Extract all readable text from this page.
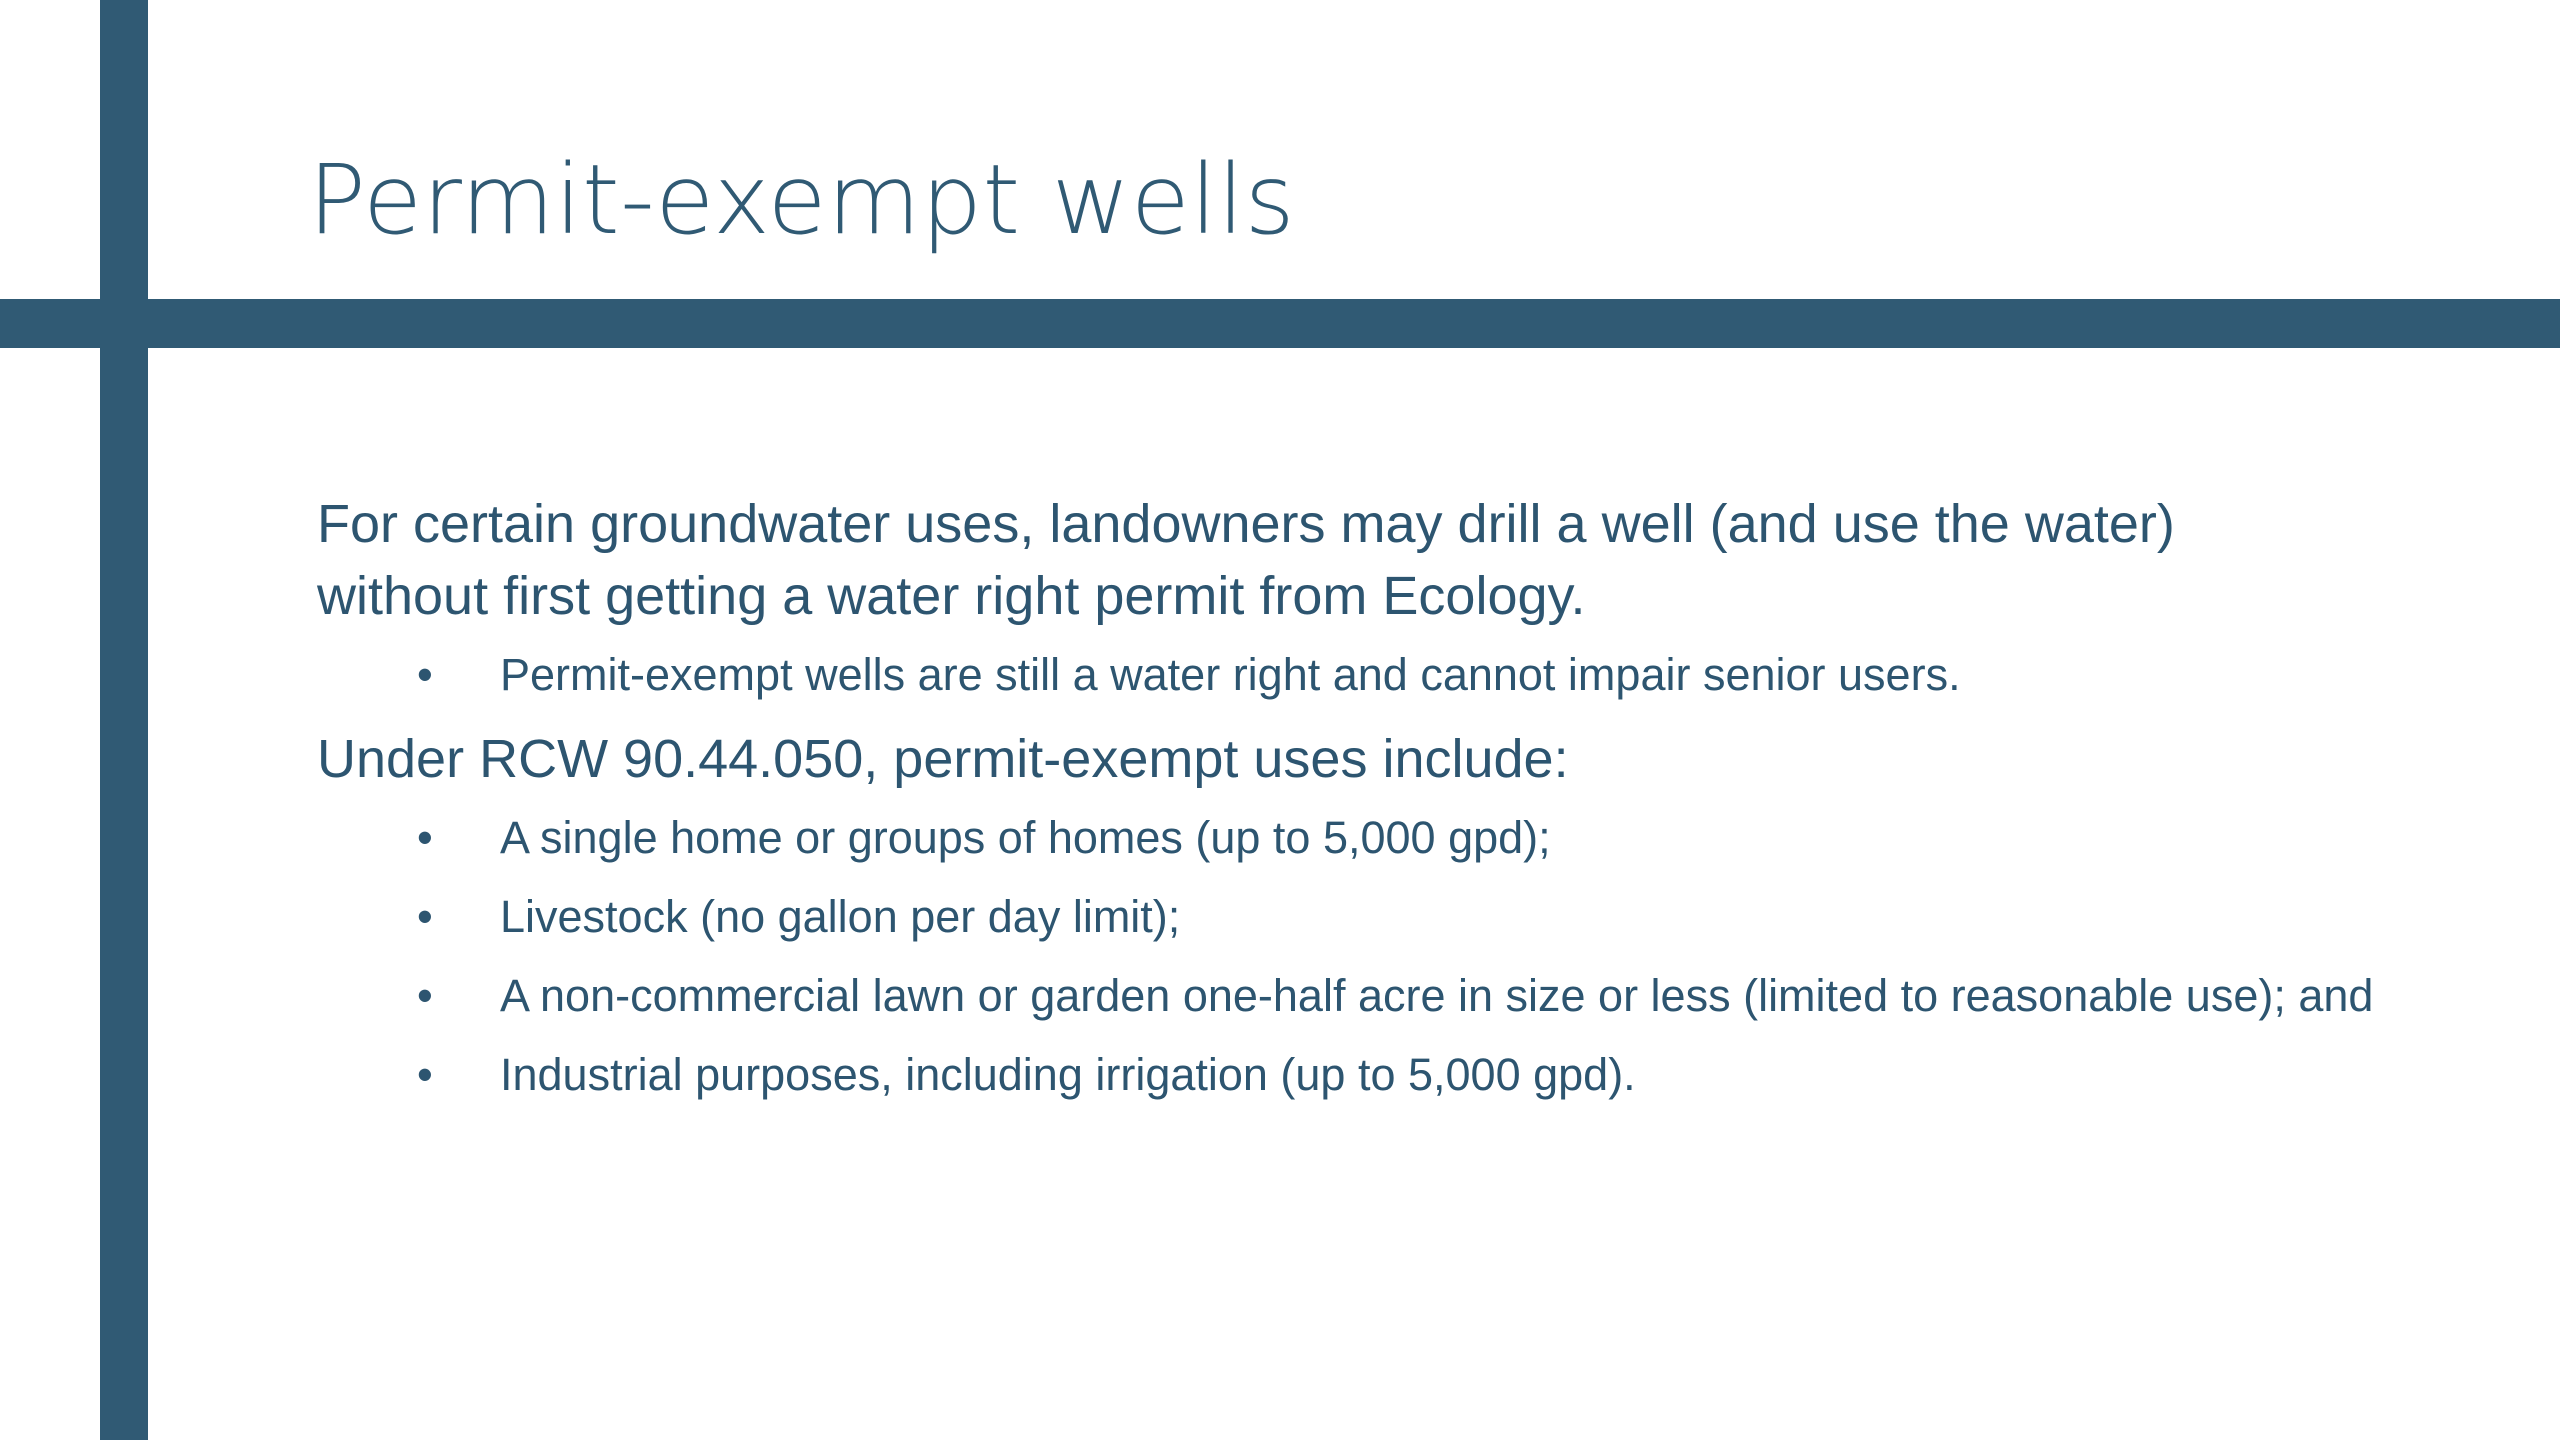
Permit-exempt wells

For certain groundwater uses, landowners may drill a well (and use the water) without first getting a water right permit from Ecology.

• Permit-exempt wells are still a water right and cannot impair senior users.

Under RCW 90.44.050, permit-exempt uses include:

• A single home or groups of homes (up to 5,000 gpd);
• Livestock (no gallon per day limit);
• A non-commercial lawn or garden one-half acre in size or less (limited to reasonable use); and
• Industrial purposes, including irrigation (up to 5,000 gpd).
